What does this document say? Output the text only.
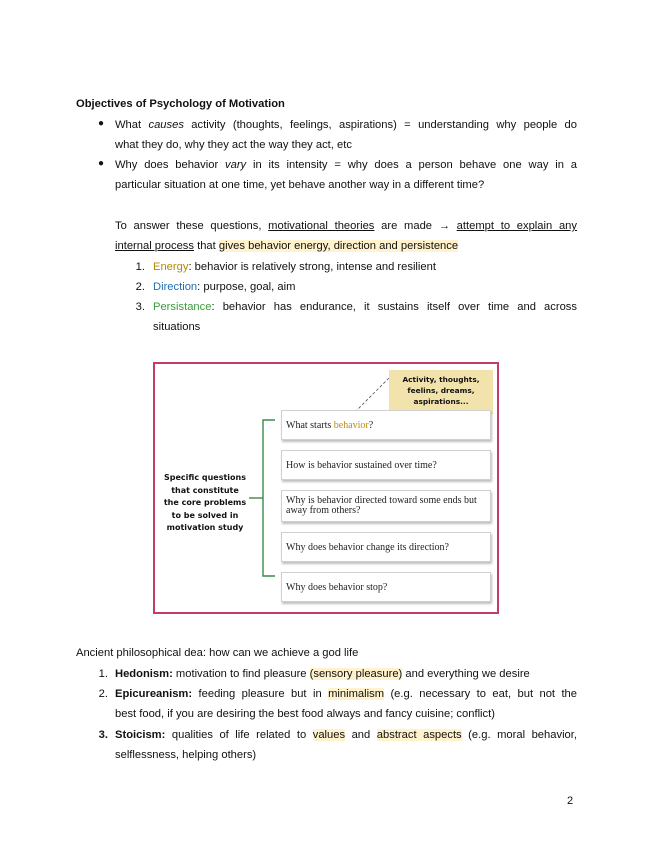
Objectives of Psychology of Motivation
● What causes activity (thoughts, feelings, aspirations) = understanding why people do
what they do, why they act the way they act, etc
● Why does behavior vary in its intensity = why does a person behave one way in a
particular situation at one time, yet behave another way in a different time?
To answer these questions, motivational theories are made → attempt to explain any
internal process that gives behavior energy, direction and persistence
1. Energy: behavior is relatively strong, intense and resilient
2. Direction: purpose, goal, aim
3. Persistance: behavior has endurance, it sustains itself over time and across
situations
Specific questions that constitute the core problems to be solved in motivation study
Activity, thoughts, feelins, dreams, aspirations...
What starts behavior?
How is behavior sustained over time?
Why is behavior directed toward some ends but away from others?
Why does behavior change its direction?
Why does behavior stop?
Ancient philosophical dea: how can we achieve a god life
1. Hedonism: motivation to find pleasure (sensory pleasure) and everything we desire
2. Epicureanism: feeding pleasure but in minimalism (e.g. necessary to eat, but not the
best food, if you are desiring the best food always and fancy cuisine; conflict)
3. Stoicism: qualities of life related to values and abstract aspects (e.g. moral behavior,
selflessness, helping others)
2
